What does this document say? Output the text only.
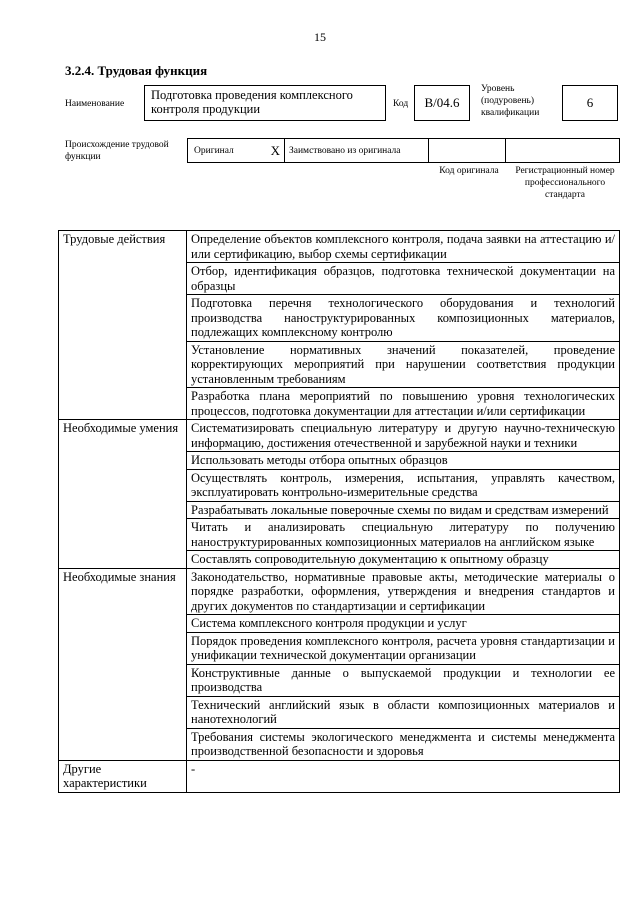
15
3.2.4. Трудовая функция
Наименование
Подготовка проведения комплексного контроля продукции	Код	B/04.6
Уровень (подуровень) квалификации
6
Происхождение трудовой функции
Оригинал	X Заимствовано из оригинала
Код оригинала	Регистрационный номер профессионального стандарта
Трудовые действия	Определение объектов комплексного контроля, подача заявки на аттестацию и/или сертификацию, выбор схемы сертификации
	Отбор, идентификация образцов, подготовка технической документации на образцы
	Подготовка перечня технологического оборудования и технологий производства наноструктурированных композиционных материалов, подлежащих комплексному контролю
	Установление нормативных значений показателей, проведение корректирующих мероприятий при нарушении соответствия продукции установленным требованиям
	Разработка плана мероприятий по повышению уровня технологических процессов, подготовка документации для аттестации и/или сертификации
Необходимые умения	Систематизировать специальную литературу и другую научно-техническую информацию, достижения отечественной и зарубежной науки и техники
	Использовать методы отбора опытных образцов
	Осуществлять контроль, измерения, испытания, управлять качеством, эксплуатировать контрольно-измерительные средства
	Разрабатывать локальные поверочные схемы по видам и средствам измерений
	Читать и анализировать специальную литературу по получению наноструктурированных композиционных материалов на английском языке
	Составлять сопроводительную документацию к опытному образцу
Необходимые знания	Законодательство, нормативные правовые акты, методические материалы о порядке разработки, оформления, утверждения и внедрения стандартов и других документов по стандартизации и сертификации
	Система комплексного контроля продукции и услуг
	Порядок проведения комплексного контроля, расчета уровня стандартизации и унификации технической документации организации
	Конструктивные данные о выпускаемой продукции и технологии ее производства
	Технический английский язык в области композиционных материалов и нанотехнологий
	Требования системы экологического менеджмента и системы менеджмента производственной безопасности и здоровья
Другие характеристики	-
